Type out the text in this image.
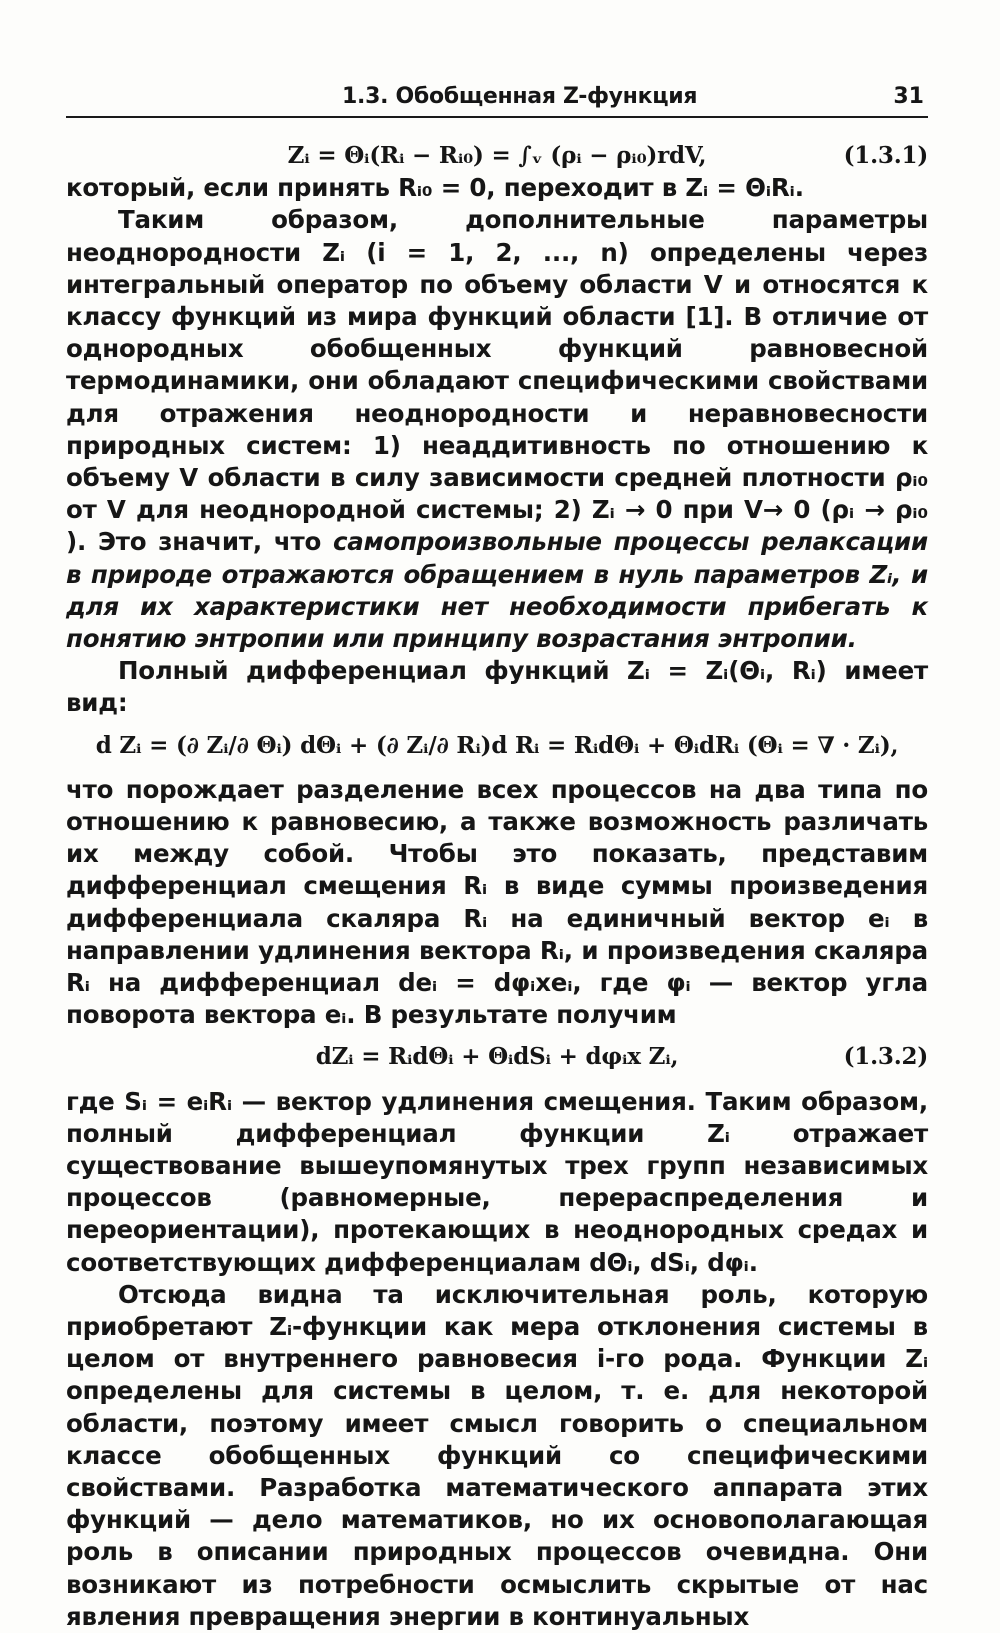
1.3. Обобщенная Z-функция	31
Zᵢ = Θᵢ(Rᵢ − Rᵢ₀) = ∫ᵥ (ρᵢ − ρᵢ₀)rdV,	(1.3.1)

который, если принять Rᵢ₀ = 0, переходит в Zᵢ = ΘᵢRᵢ.

Таким образом, дополнительные параметры неоднородности Zᵢ (i = 1, 2, ..., n) определены через интегральный оператор по объему области V и относятся к классу функций из мира функций области [1]. В отличие от однородных обобщенных функций равновесной термодинамики, они обладают специфическими свойствами для отражения неоднородности и неравновесности природных систем: 1) неаддитивность по отношению к объему V области в силу зависимости средней плотности ρᵢ₀ от V для неоднородной системы; 2) Zᵢ → 0 при V→ 0 (ρᵢ → ρᵢ₀ ). Это значит, что самопроизвольные процессы релаксации в природе отражаются обращением в нуль параметров Zᵢ, и для их характеристики нет необходимости прибегать к понятию энтропии или принципу возрастания энтропии.

Полный дифференциал функций Zᵢ = Zᵢ(Θᵢ, Rᵢ) имеет вид:

d Zᵢ = (∂ Zᵢ/∂ Θᵢ) dΘᵢ + (∂ Zᵢ/∂ Rᵢ)d Rᵢ = RᵢdΘᵢ + ΘᵢdRᵢ (Θᵢ = ∇ · Zᵢ),

что порождает разделение всех процессов на два типа по отношению к равновесию, а также возможность различать их между собой. Чтобы это показать, представим дифференциал смещения Rᵢ в виде суммы произведения дифференциала скаляра Rᵢ на единичный вектор eᵢ в направлении удлинения вектора Rᵢ, и произведения скаляра Rᵢ на дифференциал deᵢ = dφᵢxeᵢ, где φᵢ — вектор угла поворота вектора eᵢ. В результате получим

dZᵢ = RᵢdΘᵢ + ΘᵢdSᵢ + dφᵢx Zᵢ,	(1.3.2)

где Sᵢ = eᵢRᵢ — вектор удлинения смещения. Таким образом, полный дифференциал функции Zᵢ отражает существование вышеупомянутых трех групп независимых процессов (равномерные, перераспределения и переориентации), протекающих в неоднородных средах и соответствующих дифференциалам dΘᵢ, dSᵢ, dφᵢ.

Отсюда видна та исключительная роль, которую приобретают Zᵢ-функции как мера отклонения системы в целом от внутреннего равновесия i-го рода. Функции Zᵢ определены для системы в целом, т. е. для некоторой области, поэтому имеет смысл говорить о специальном классе обобщенных функций со специфическими свойствами. Разработка математического аппарата этих функций — дело математиков, но их основополагающая роль в описании природных процессов очевидна. Они возникают из потребности осмыслить скрытые от нас явления превращения энергии в континуальных
